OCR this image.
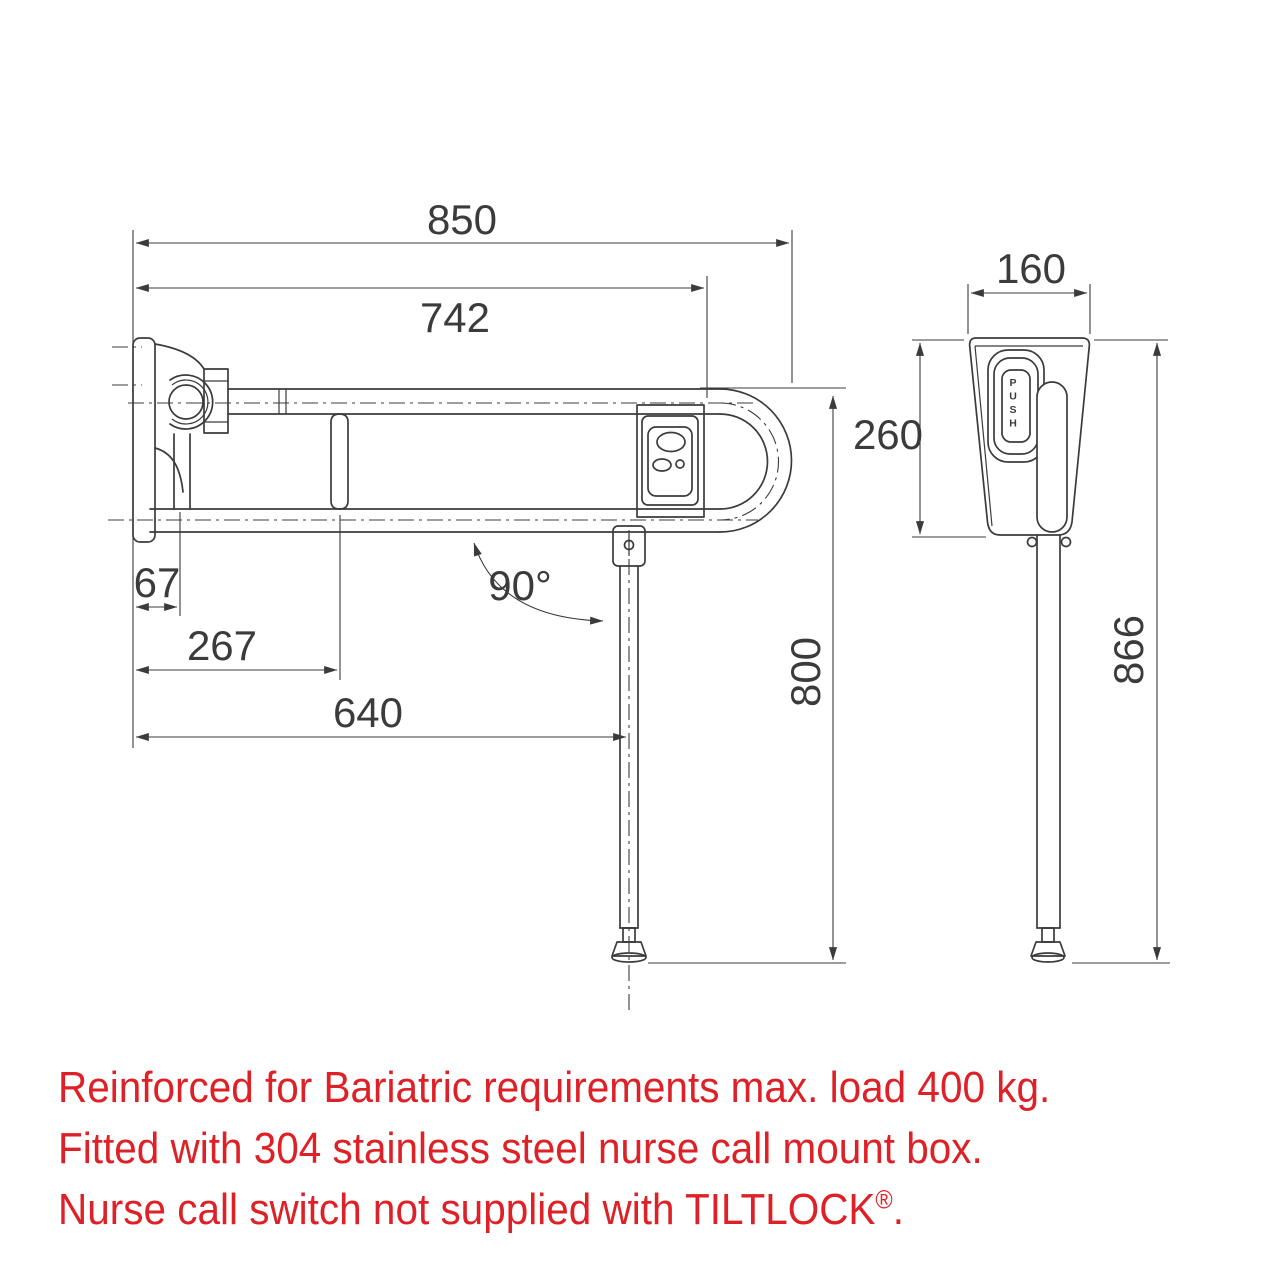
850
742
67
267
640
800
90°
160
260
866
PUSH
Reinforced for Bariatric requirements max. load 400 kg.
Fitted with 304 stainless steel nurse call mount box.
Nurse call switch not supplied with TILTLOCK®.
